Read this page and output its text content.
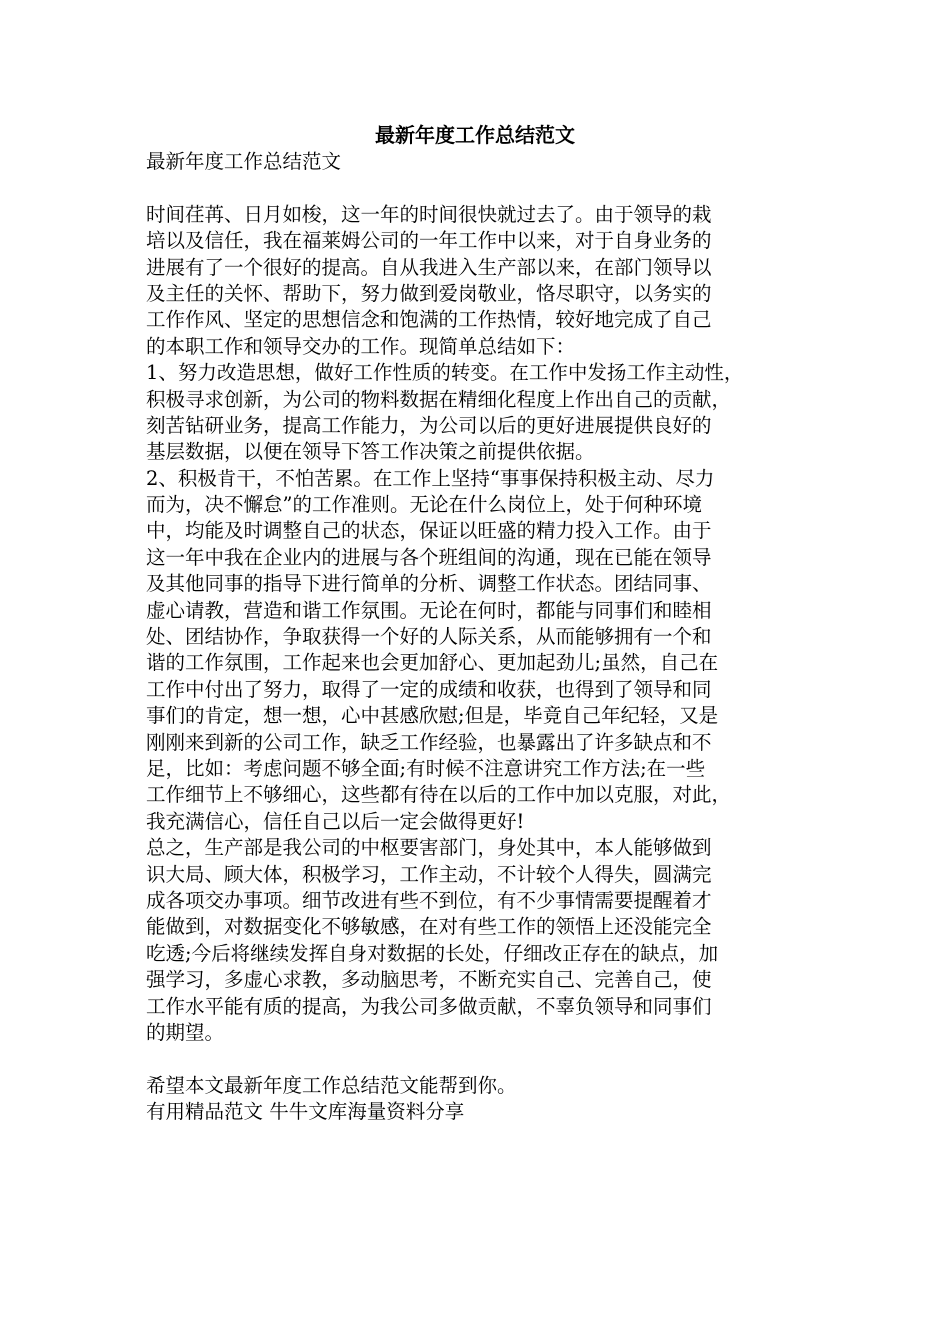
最新年度工作总结范文
最新年度工作总结范文
时间荏苒、日月如梭，这一年的时间很快就过去了。由于领导的栽
培以及信任，我在福莱姆公司的一年工作中以来，对于自身业务的
进展有了一个很好的提高。自从我进入生产部以来，在部门领导以
及主任的关怀、帮助下，努力做到爱岗敬业，恪尽职守，以务实的
工作作风、坚定的思想信念和饱满的工作热情，较好地完成了自己
的本职工作和领导交办的工作。现简单总结如下：
1、努力改造思想，做好工作性质的转变。在工作中发扬工作主动性，
积极寻求创新，为公司的物料数据在精细化程度上作出自己的贡献，
刻苦钻研业务，提高工作能力，为公司以后的更好进展提供良好的
基层数据，以便在领导下答工作决策之前提供依据。
2、积极肯干，不怕苦累。在工作上坚持“事事保持积极主动、尽力
而为，决不懈怠”的工作准则。无论在什么岗位上，处于何种环境
中，均能及时调整自己的状态，保证以旺盛的精力投入工作。由于
这一年中我在企业内的进展与各个班组间的沟通，现在已能在领导
及其他同事的指导下进行简单的分析、调整工作状态。团结同事、
虚心请教，营造和谐工作氛围。无论在何时，都能与同事们和睦相
处、团结协作，争取获得一个好的人际关系，从而能够拥有一个和
谐的工作氛围，工作起来也会更加舒心、更加起劲儿;虽然，自己在
工作中付出了努力，取得了一定的成绩和收获，也得到了领导和同
事们的肯定，想一想，心中甚感欣慰;但是，毕竟自己年纪轻，又是
刚刚来到新的公司工作，缺乏工作经验，也暴露出了许多缺点和不
足，比如：考虑问题不够全面;有时候不注意讲究工作方法;在一些
工作细节上不够细心，这些都有待在以后的工作中加以克服，对此，
我充满信心，信任自己以后一定会做得更好!
总之，生产部是我公司的中枢要害部门，身处其中，本人能够做到
识大局、顾大体，积极学习，工作主动，不计较个人得失，圆满完
成各项交办事项。细节改进有些不到位，有不少事情需要提醒着才
能做到，对数据变化不够敏感，在对有些工作的领悟上还没能完全
吃透;今后将继续发挥自身对数据的长处，仔细改正存在的缺点，加
强学习，多虚心求教，多动脑思考，不断充实自己、完善自己，使
工作水平能有质的提高，为我公司多做贡献，不辜负领导和同事们
的期望。
希望本文最新年度工作总结范文能帮到你。
有用精品范文 牛牛文库海量资料分享
